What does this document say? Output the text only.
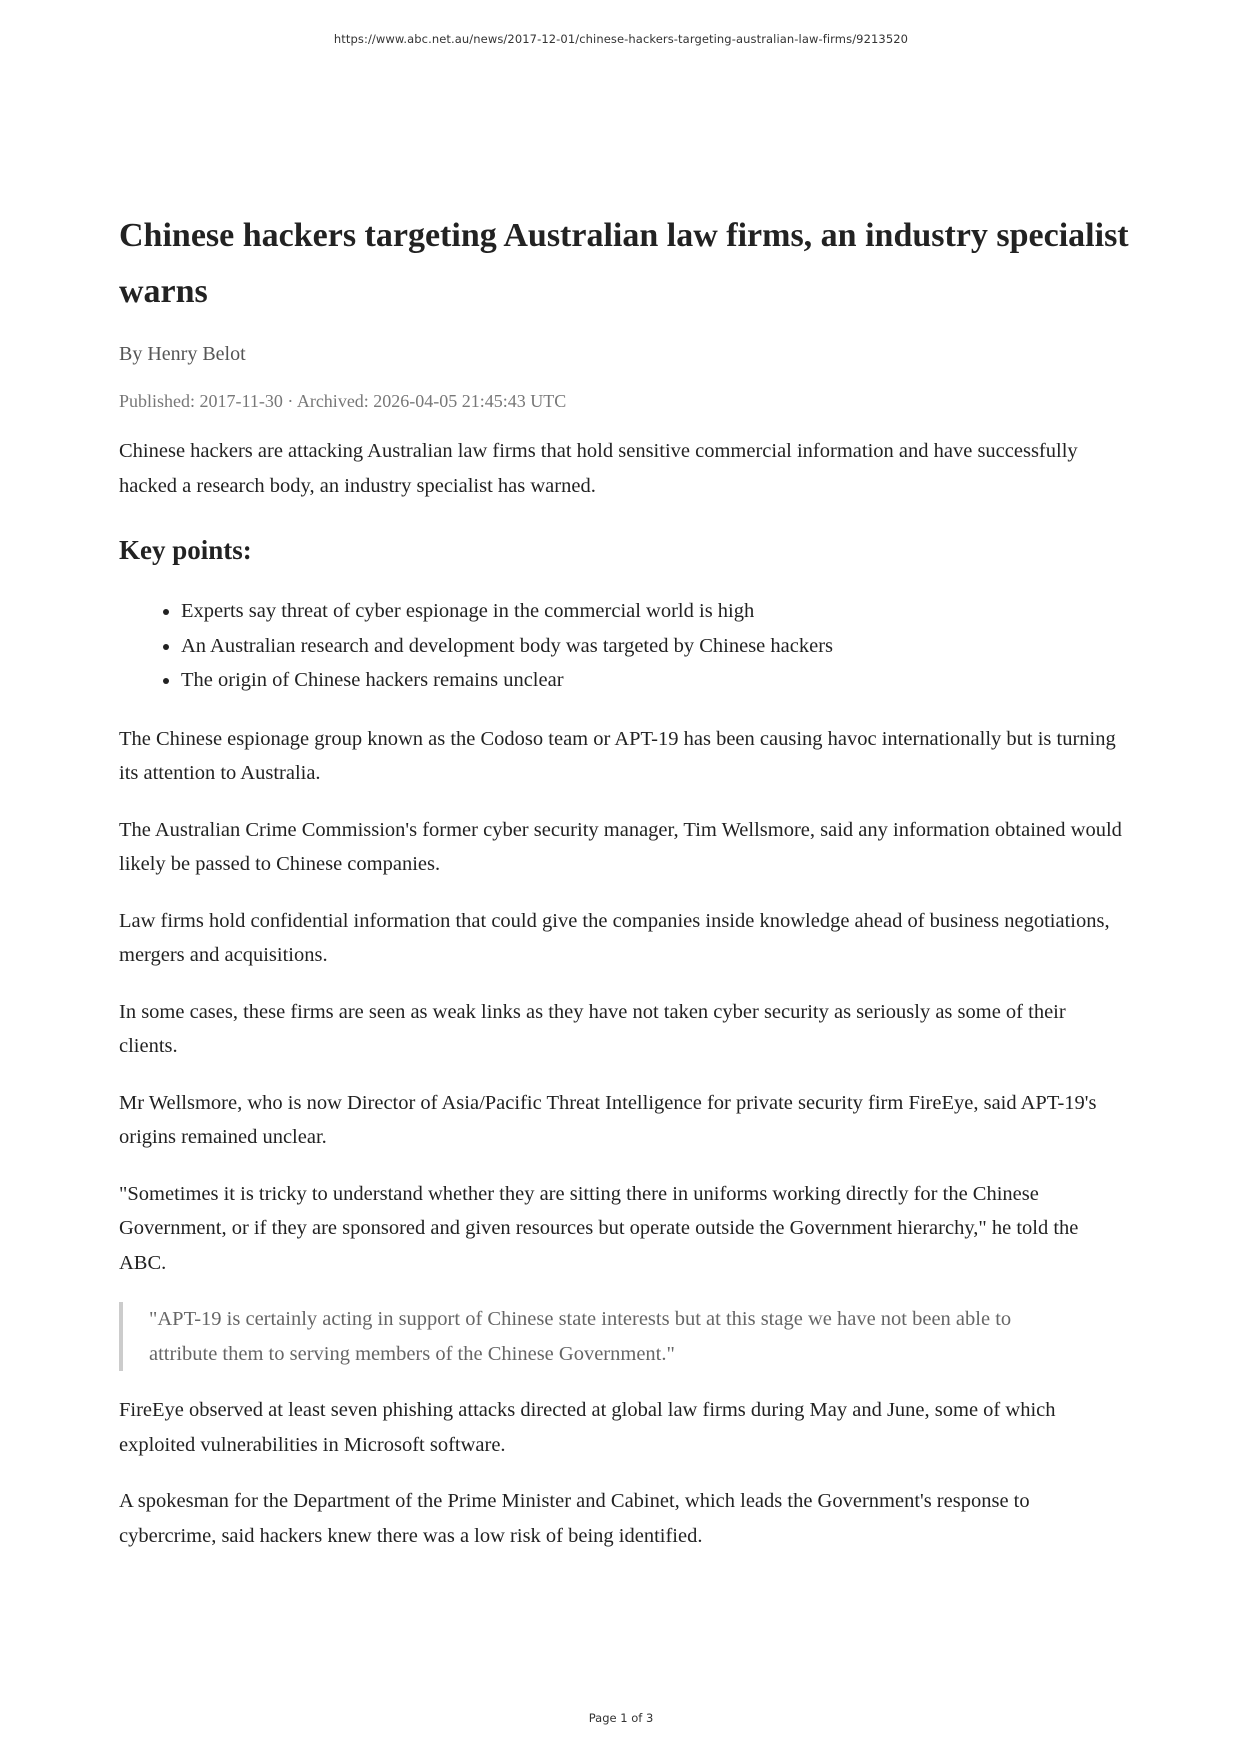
https://www.abc.net.au/news/2017-12-01/chinese-hackers-targeting-australian-law-firms/9213520
Chinese hackers targeting Australian law firms, an industry specialist warns
By Henry Belot
Published: 2017-11-30 · Archived: 2026-04-05 21:45:43 UTC

Chinese hackers are attacking Australian law firms that hold sensitive commercial information and have successfully hacked a research body, an industry specialist has warned.

Key points:
• Experts say threat of cyber espionage in the commercial world is high
• An Australian research and development body was targeted by Chinese hackers
• The origin of Chinese hackers remains unclear

The Chinese espionage group known as the Codoso team or APT-19 has been causing havoc internationally but is turning its attention to Australia.

The Australian Crime Commission's former cyber security manager, Tim Wellsmore, said any information obtained would likely be passed to Chinese companies.

Law firms hold confidential information that could give the companies inside knowledge ahead of business negotiations, mergers and acquisitions.

In some cases, these firms are seen as weak links as they have not taken cyber security as seriously as some of their clients.

Mr Wellsmore, who is now Director of Asia/Pacific Threat Intelligence for private security firm FireEye, said APT-19's origins remained unclear.

"Sometimes it is tricky to understand whether they are sitting there in uniforms working directly for the Chinese Government, or if they are sponsored and given resources but operate outside the Government hierarchy," he told the ABC.

"APT-19 is certainly acting in support of Chinese state interests but at this stage we have not been able to attribute them to serving members of the Chinese Government."

FireEye observed at least seven phishing attacks directed at global law firms during May and June, some of which exploited vulnerabilities in Microsoft software.

A spokesman for the Department of the Prime Minister and Cabinet, which leads the Government's response to cybercrime, said hackers knew there was a low risk of being identified.

Page 1 of 3
